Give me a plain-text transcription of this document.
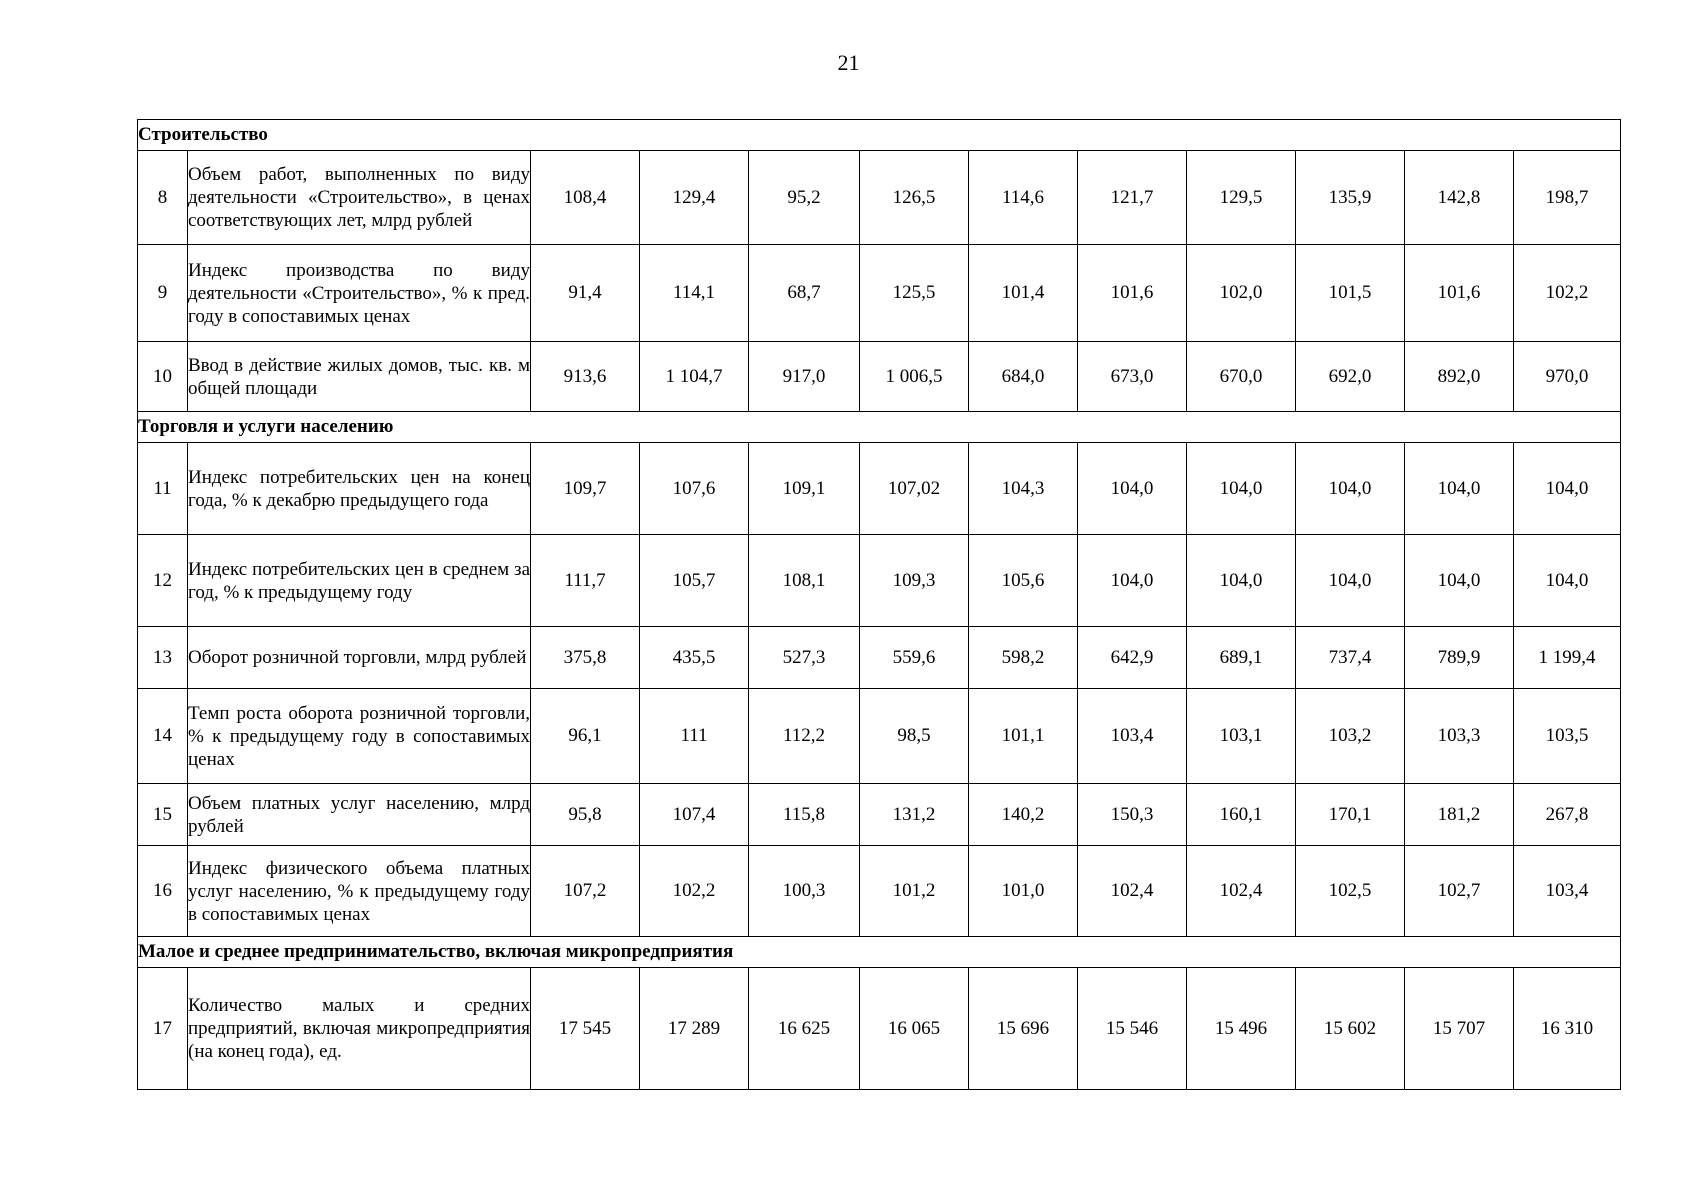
21
Строительство											
8	Объем работ, выполненных по виду деятельности «Строительство», в ценах соответствующих лет, млрд рублей	108,4	129,4	95,2	126,5	114,6	121,7	129,5	135,9	142,8	198,7
9	Индекс производства по виду деятельности «Строительство», % к пред. году в сопоставимых ценах	91,4	114,1	68,7	125,5	101,4	101,6	102,0	101,5	101,6	102,2
10	Ввод в действие жилых домов, тыс. кв. м общей площади	913,6	1 104,7	917,0	1 006,5	684,0	673,0	670,0	692,0	892,0	970,0
Торговля и услуги населению											
11	Индекс потребительских цен на конец года, % к декабрю предыдущего года	109,7	107,6	109,1	107,02	104,3	104,0	104,0	104,0	104,0	104,0
12	Индекс потребительских цен в среднем за год, % к предыдущему году	111,7	105,7	108,1	109,3	105,6	104,0	104,0	104,0	104,0	104,0
13	Оборот розничной торговли, млрд рублей	375,8	435,5	527,3	559,6	598,2	642,9	689,1	737,4	789,9	1 199,4
14	Темп роста оборота розничной торговли, % к предыдущему году в сопоставимых ценах	96,1	111	112,2	98,5	101,1	103,4	103,1	103,2	103,3	103,5
15	Объем платных услуг населению, млрд рублей	95,8	107,4	115,8	131,2	140,2	150,3	160,1	170,1	181,2	267,8
16	Индекс физического объема платных услуг населению, % к предыдущему году в сопоставимых ценах	107,2	102,2	100,3	101,2	101,0	102,4	102,4	102,5	102,7	103,4
Малое и среднее предпринимательство, включая микропредприятия											
17	Количество малых и средних предприятий, включая микропредприятия (на конец года), ед.	17 545	17 289	16 625	16 065	15 696	15 546	15 496	15 602	15 707	16 310
